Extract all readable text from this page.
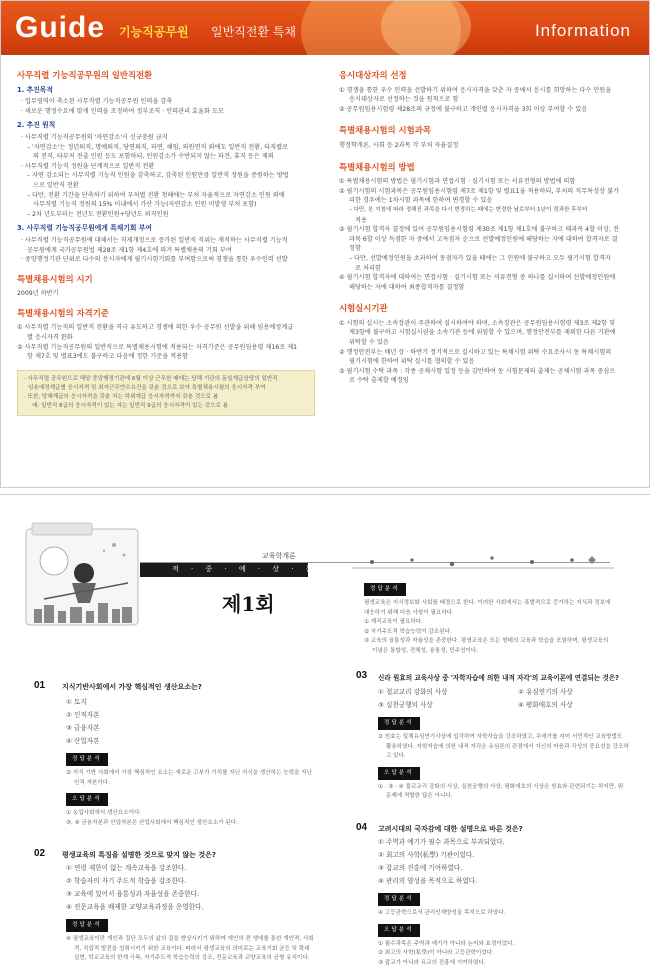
Guide 기능직공무원 일반직전환 특채	Information
사무직렬 기능직공무원의 일반직전환
1. 추진목적
· 업무영역이 축소된 사무직렬 기능직공무원 인력을 감축
· 새로운 행정수요에 맞게 인력을 조정하여 정부조직 · 인력관리 효율화 도모
2. 추진 원칙
· 사무직렬 기능직공무원의 '자연감소'시 신규충원 금지
– '자연감소'는 정년퇴직, 명예퇴직, 당연퇴직, 파면, 해임, 의원면직 외에도 일반직 전환, 타직렬로
의 전직, 타부처 전출 인원 등도 포함하되, 인원감소가 수반되지 않는 파견, 휴직 등은 제외
· 사무직렬 기능직 정원을 단계적으로 일반직 전환
– 자연 감소되는 사무직렬 기능직 인원을 감축하고, 감축된 인원만큼 일반직 정원을 증원하는 방법
으로 일반직 전환
– 다만, 전환 기간을 단축하기 위하여 부처별 전환 첫해에는 부처 자율적으로 자연감소 인원 외에
사무직렬 기능직 정원의 15% 이내에서 가산 가능(자연감소 인원 미발생 부처 포함)
– 2차 년도부터는 전년도 전환인원+당년도 퇴직인원
3. 사무직렬 기능직공무원에게 특채기회 부여
· 사무직렬 기능직공무원에 대해서는 직제개정으로 증가된 일반직 직위는 재직하는 사무직렬 기능직
공무원에게 국가공무원법 제28조 제1항 제4호에 의거 특별채용의 기회 부여
· 중앙행정기관 단위로 다수의 응시자에게 필기시험기회를 부여함으로써 경쟁을 통한 우수인력 선발
특별채용시험의 시기
2009년 하반기
특별채용시험의 자격기준
① 사무직렬 기능직의 일반직 전환을 직극 유도하고 경쟁에 의한 우수 공무원 선발을 위해 임용예정계급
별 응시자격 완화
② 사무직렬 기능직공무원의 일반직으로 특별채용시험에 적용되는 자격기준은 공무원임용령 제16조 제1
항 제7호 및 별표3에도 불구하고 다음에 정한 기준을 적용함
· 사무직렬 공무원으로 해당 중앙행정기관에 6월 이상 근무한 때에는 당해 기관의 동일계급상당의 일반직
임용예정계급별 응시자격 및 최저근무연수요건을 갖춘 것으로 보아 특별채용시험의 응시자격 부여
· 또한, 당해계급의 응시자격을 갖춘 자는 하위계급 응시자격까지 갖춘 것으로 봄
예: 일반직 8급의 응시자격이 있는 자는 일반직 9급의 응시자격이 있는 것으로 봄
응시대상자의 선정
① 경쟁을 통한 우수 인력을 선발하기 위하여 응시자격을 갖춘 자 중에서 응시를 희망하는 다수 인원을
응시대상자로 선정하는 것을 원칙으로 함
② 공무원임용시험령 제28조의 규정에 불구하고 개인별 응시자격을 3회 이상 부여할 수 있음
특별채용시험의 시험과목
행정학개론, 사회 등 2과목 각 부처 자율결정
특별채용시험의 방법
① 특별채용시험의 방법은 필기시험과 면접시험 · 실기시험 또는 서류전형의 방법에 의함
② 필기시험의 시험과목은 공무원임용시험령 제7조 제1항 및 별표1을 적용하되, 부처의 직무특성상 불가
피한 경우에는 1차시험 과목에 한하여 변경할 수 있음
– 다만, 본 지침에 따라 정해진 과목을 다시 변경하는 때에는 변경한 날로부터 1년이 경과한 후부터
적용
③ 필기시험 합격자 결정에 있어 공무원임용시험령 제30조 제1항 제1호에 불구하고 매과목 4할 이상, 전
과목 6할 이상 득점한 자 중에서 고득점자 순으로 선발예정인원에 해당하는 자에 대하여 합격자로 결
정함
– 다만, 선발예정인원을 초과하여 동점자가 있을 때에는 그 인원에 불구하고 모두 필기시험 합격자
로 처리함
④ 필기시험 합격자에 대하여는 면접시험 · 실기시험 또는 서류전형 중 하나를 실시하여 선발예정인원에
해당하는 자에 대하여 최종합격자를 결정함
시험실시기관
① 시험의 실시는 소속장관이 주관하여 실시하여야 하며, 소속장관은 공무원임용시험령 제3조 제2항 및
제3항에 불구하고 시험실시권을 소속기관 등에 위임할 수 있으며, 행정안전부를 제외한 다른 기관에
위탁할 수 있음
② 행정안전부는 매년 상 · 하반기 정기적으로 실시하고 있는 특채시험 위탁 수요조사시 동 특채시험의
필기시험에 한하여 위탁 실시를 협의할 수 있음
③ 필기시험 수탁 과목 : 각종 공채시험 일정 등을 감안하여 동 시험문제의 출제는 공채시험 과목 중심으
로 수탁 출제할 예정임
교육학개론
적 · 중 · 예 · 상 · 문 · 제
제1회
정답분석
평생교육은 지식정보화 사회를 배경으로 한다. 이러한 사회에서는 폭발적으로 증가하는 지식과 정보에
대응하기 위해 다음 사항이 필요하다.
① 재직교육이 필요하다.
② 자기주도적 학습능력이 강조된다.
③ 교육의 융통성과 자율성을 존중한다. 평생교육은 모든 형태의 교육과 학습을 포함하며, 평생교육의
이념은 통합성, 전체성, 융통성, 민주성이다.
01 지식기반사회에서 가장 핵심적인 생산요소는?
① 토지
② 인적자본
③ 금융자본
④ 산업자본
정답분석
② 지식 기반 사회에서 가장 핵심적인 요소는 새로운 고부가 가치를 지닌 지식을 생산하는 능력을 지닌
인적 자본이다.
오답분석
① 농업사회에서 생산요소이다.
③, ④ 금융자본과 산업자본은 산업사회에서 핵심적인 생산요소가 된다.
02 평생교육의 특징을 설명한 것으로 맞지 않는 것은?
① 연령 제한이 없는 계속교육을 강조한다.
② 학습자의 자기 주도적 학습을 강조한다.
③ 교육에 있어서 융통성과 자율성을 존중한다.
④ 전문교육을 배제한 교양교육과정을 운영한다.
정답분석
④ 평생교육이란 개인과 집단 모두의 삶의 질을 향상시키기 위하여 개인의 전 생애를 통한 개인적, 사회
적, 직업적 발전을 성취시키기 위한 교육이다. 따라서 평생교육의 의미로는 교육기회 균등 및 확대
실현, 학교교육의 한계 극복, 자기주도적 학습능력의 강조, 전문교육과 교양교육의 균형 유지이다.
03 신라 원효의 교육사상 중 '자학자습에 의한 내적 자각'의 교육이론에 연결되는 것은?
① 절교교리 강화의 사상	② 유심연기의 사상
③ 실천궁행의 사상	④ 평화애호의 사상
정답분석
② 원효는 일체유심연기사상에 입각하여 자학자습을 강조하였고, 무애가를 지어 서민적인 교육방법도
활용하였다. 자학자습에 의한 내적 자각은 유심론의 관점에서 자신의 마음과 각성의 중요성을 강조하
고 있다.
오답분석
① · ③ · ④ 불교교리 강화의 사상, 실천궁행의 사상, 평화애호의 사상은 원효와 관련되기는 하지만, 위
문제에 적합한 답은 아니다.
04 고려시대의 국자감에 대한 설명으로 바른 것은?
① 주역과 예기가 필수 과목으로 부과되었다.
② 최고의 사학(私學) 기관이었다.
③ 잡교의 진흥에 기여하였다.
④ 관리의 양성을 목적으로 하였다.
정답분석
④ 고등관학으로서 관리인재양성을 목적으로 하였다.
오답분석
① 필수과목은 주역과 예기가 아니라 논어와 효경이었다.
② 최고의 사학(私學)이 아니라 고등관학이었다.
③ 잡교가 아니라 유교의 진흥에 기여하였다.
